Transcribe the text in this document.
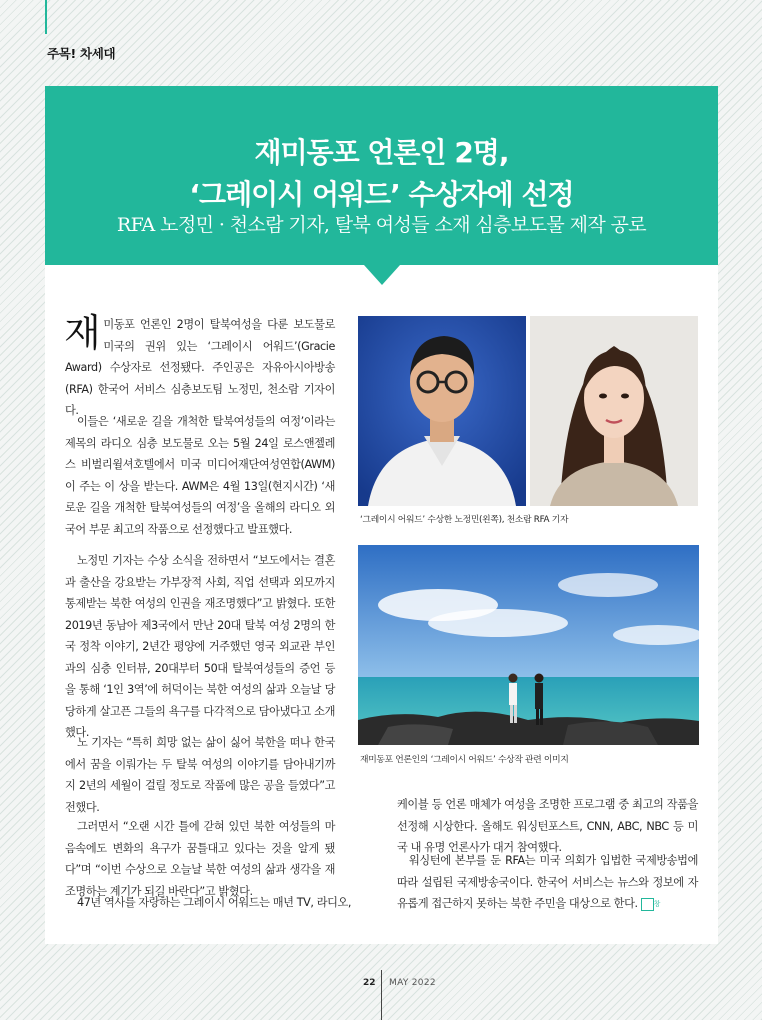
주목! 차세대
재미동포 언론인 2명,
‘그레이시 어워드’ 수상자에 선정
RFA 노정민 · 천소람 기자, 탈북 여성들 소재 심층보도물 제작 공로

재미동포 언론인 2명이 탈북여성을 다룬 보도물로 미국의 권위 있는 ‘그레이시 어워드’(Gracie Award) 수상자로 선정됐다. 주인공은 자유아시아방송(RFA) 한국어 서비스 심층보도팀 노정민, 천소람 기자이다.

이들은 ‘새로운 길을 개척한 탈북여성들의 여정’이라는 제목의 라디오 심층 보도물로 오는 5월 24일 로스앤젤레스 비벌리윌셔호텔에서 미국 미디어재단여성연합(AWM)이 주는 이 상을 받는다. AWM은 4월 13일(현지시간) ‘새로운 길을 개척한 탈북여성들의 여정’을 올해의 라디오 외국어 부문 최고의 작품으로 선정했다고 발표했다.

노정민 기자는 수상 소식을 전하면서 “보도에서는 결혼과 출산을 강요받는 가부장적 사회, 직업 선택과 외모까지 통제받는 북한 여성의 인권을 재조명했다”고 밝혔다. 또한 2019년 동남아 제3국에서 만난 20대 탈북 여성 2명의 한국 정착 이야기, 2년간 평양에 거주했던 영국 외교관 부인과의 심층 인터뷰, 20대부터 50대 탈북여성들의 증언 등을 통해 ‘1인 3역’에 허덕이는 북한 여성의 삶과 오늘날 당당하게 살고픈 그들의 욕구를 다각적으로 담아냈다고 소개했다.

노 기자는 “특히 희망 없는 삶이 싫어 북한을 떠나 한국에서 꿈을 이뤄가는 두 탈북 여성의 이야기를 담아내기까지 2년의 세월이 걸릴 정도로 작품에 많은 공을 들였다”고 전했다.

그러면서 “오랜 시간 틀에 갇혀 있던 북한 여성들의 마음속에도 변화의 욕구가 꿈틀대고 있다는 것을 알게 됐다”며 “이번 수상으로 오늘날 북한 여성의 삶과 생각을 재조명하는 계기가 되길 바란다”고 밝혔다.

47년 역사를 자랑하는 그레이시 어워드는 매년 TV, 라디오,

케이블 등 언론 매체가 여성을 조명한 프로그램 중 최고의 작품을 선정해 시상한다. 올해도 워싱턴포스트, CNN, ABC, NBC 등 미국 내 유명 언론사가 대거 참여했다.

워싱턴에 본부를 둔 RFA는 미국 의회가 입법한 국제방송법에 따라 설립된 국제방송국이다. 한국어 서비스는 뉴스와 정보에 자유롭게 접근하지 못하는 북한 주민을 대상으로 한다. 창

‘그레이시 어워드’ 수상한 노정민(왼쪽), 천소람 RFA 기자
재미동포 언론인의 ‘그레이시 어워드’ 수상작 관련 이미지
22 MAY 2022
